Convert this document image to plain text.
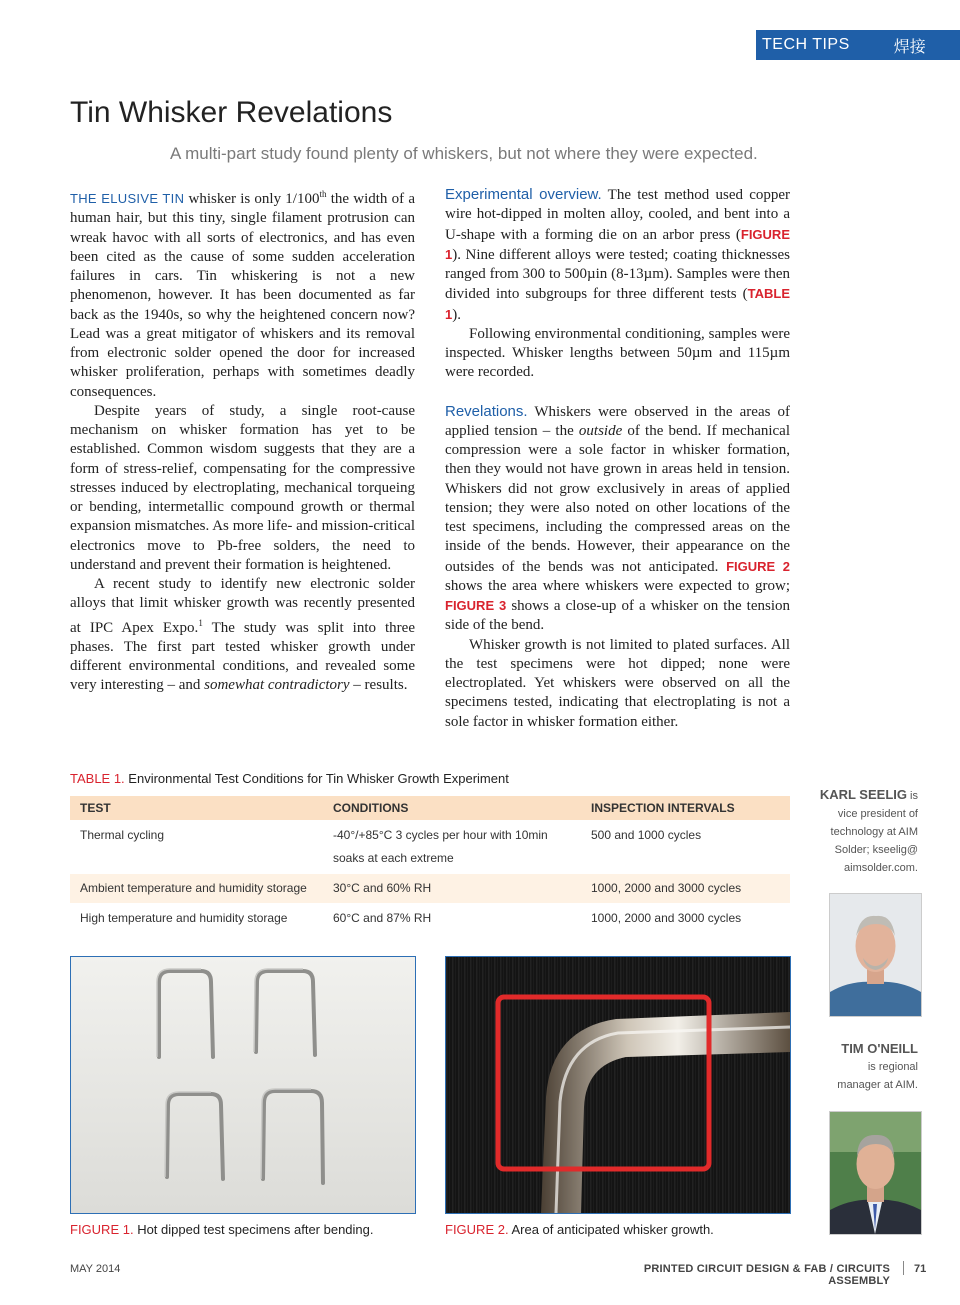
TECH TIPS	焊接
Tin Whisker Revelations
A multi-part study found plenty of whiskers, but not where they were expected.

THE ELUSIVE TIN whisker is only 1/100th the width of a human hair, but this tiny, single filament protrusion can wreak havoc with all sorts of electronics, and has even been cited as the cause of some sudden acceleration failures in cars. Tin whiskering is not a new phenomenon, however. It has been documented as far back as the 1940s, so why the heightened concern now? Lead was a great mitigator of whiskers and its removal from electronic solder opened the door for increased whisker proliferation, perhaps with sometimes deadly consequences.

Despite years of study, a single root-cause mechanism on whisker formation has yet to be established. Common wisdom suggests that they are a form of stress-relief, compensating for the compressive stresses induced by electroplating, mechanical torqueing or bending, intermetallic compound growth or thermal expansion mismatches. As more life- and mission-critical electronics move to Pb-free solders, the need to understand and prevent their formation is heightened.

A recent study to identify new electronic solder alloys that limit whisker growth was recently presented at IPC Apex Expo.$^1$ The study was split into three phases. The first part tested whisker growth under different environmental conditions, and revealed some very interesting – and somewhat contradictory – results.

Experimental overview. The test method used copper wire hot-dipped in molten alloy, cooled, and bent into a U-shape with a forming die on an arbor press (FIGURE 1). Nine different alloys were tested; coating thicknesses ranged from 300 to 500µin (8-13µm). Samples were then divided into subgroups for three different tests (TABLE 1).

Following environmental conditioning, samples were inspected. Whisker lengths between 50µm and 115µm were recorded.

Revelations. Whiskers were observed in the areas of applied tension – the outside of the bend. If mechanical compression were a sole factor in whisker formation, then they would not have grown in areas held in tension. Whiskers did not grow exclusively in areas of applied tension; they were also noted on other locations of the test specimens, including the compressed areas on the inside of the bends. However, their appearance on the outsides of the bends was not anticipated. FIGURE 2 shows the area where whiskers were expected to grow; FIGURE 3 shows a close-up of a whisker on the tension side of the bend.

Whisker growth is not limited to plated surfaces. All the test specimens were hot dipped; none were electroplated. Yet whiskers were observed on all the specimens tested, indicating that electroplating is not a sole factor in whisker formation either.

TABLE 1. Environmental Test Conditions for Tin Whisker Growth Experiment
TEST	CONDITIONS	INSPECTION INTERVALS
Thermal cycling	-40°/+85°C 3 cycles per hour with 10min soaks at each extreme	500 and 1000 cycles
Ambient temperature and humidity storage	30°C and 60% RH	1000, 2000 and 3000 cycles
High temperature and humidity storage	60°C and 87% RH	1000, 2000 and 3000 cycles
KARL SEELIG is
vice president of
technology at AIM
Solder; kseelig@
aimsolder.com.
TIM O'NEILL
is regional
manager at AIM.
FIGURE 1. Hot dipped test specimens after bending.	FIGURE 2. Area of anticipated whisker growth.
MAY 2014	PRINTED CIRCUIT DESIGN & FAB / CIRCUITS ASSEMBLY
71
